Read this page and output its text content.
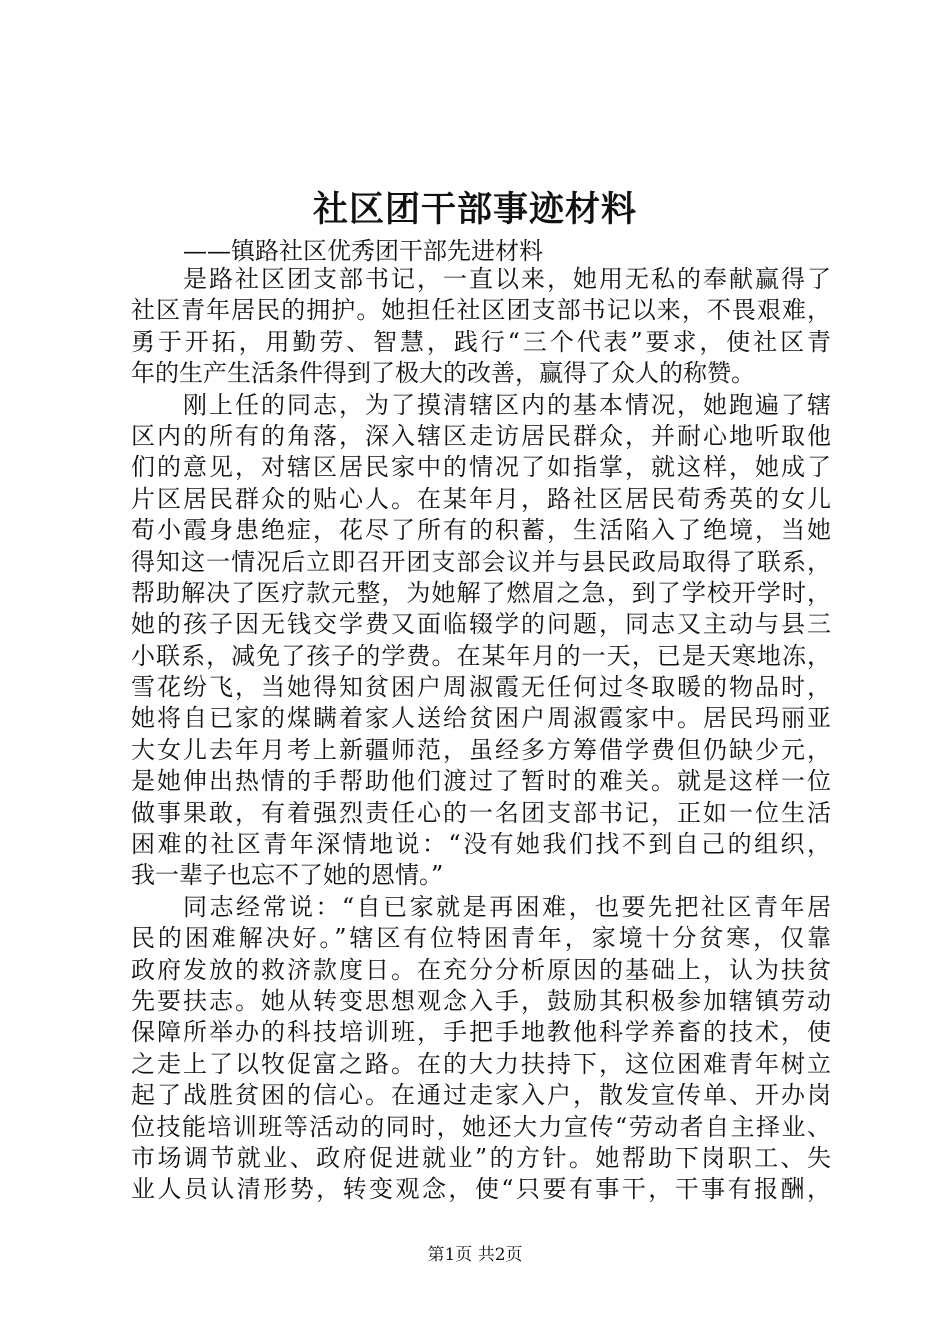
社区团干部事迹材料
——镇路社区优秀团干部先进材料
是路社区团支部书记，一直以来，她用无私的奉献赢得了
社区青年居民的拥护。她担任社区团支部书记以来，不畏艰难，
勇于开拓，用勤劳、智慧，践行“三个代表”要求，使社区青
年的生产生活条件得到了极大的改善，赢得了众人的称赞。
刚上任的同志，为了摸清辖区内的基本情况，她跑遍了辖
区内的所有的角落，深入辖区走访居民群众，并耐心地听取他
们的意见，对辖区居民家中的情况了如指掌，就这样，她成了
片区居民群众的贴心人。在某年月，路社区居民荀秀英的女儿
荀小霞身患绝症，花尽了所有的积蓄，生活陷入了绝境，当她
得知这一情况后立即召开团支部会议并与县民政局取得了联系，
帮助解决了医疗款元整，为她解了燃眉之急，到了学校开学时，
她的孩子因无钱交学费又面临辍学的问题，同志又主动与县三
小联系，减免了孩子的学费。在某年月的一天，已是天寒地冻，
雪花纷飞，当她得知贫困户周淑霞无任何过冬取暖的物品时，
她将自已家的煤瞒着家人送给贫困户周淑霞家中。居民玛丽亚
大女儿去年月考上新疆师范，虽经多方筹借学费但仍缺少元，
是她伸出热情的手帮助他们渡过了暂时的难关。就是这样一位
做事果敢，有着强烈责任心的一名团支部书记，正如一位生活
困难的社区青年深情地说：“没有她我们找不到自己的组织，
我一辈子也忘不了她的恩情。”
同志经常说：“自已家就是再困难，也要先把社区青年居
民的困难解决好。”辖区有位特困青年，家境十分贫寒，仅靠
政府发放的救济款度日。在充分分析原因的基础上，认为扶贫
先要扶志。她从转变思想观念入手，鼓励其积极参加辖镇劳动
保障所举办的科技培训班，手把手地教他科学养畜的技术，使
之走上了以牧促富之路。在的大力扶持下，这位困难青年树立
起了战胜贫困的信心。在通过走家入户，散发宣传单、开办岗
位技能培训班等活动的同时，她还大力宣传“劳动者自主择业、
市场调节就业、政府促进就业”的方针。她帮助下岗职工、失
业人员认清形势，转变观念，使“只要有事干，干事有报酬，
第1页 共2页
